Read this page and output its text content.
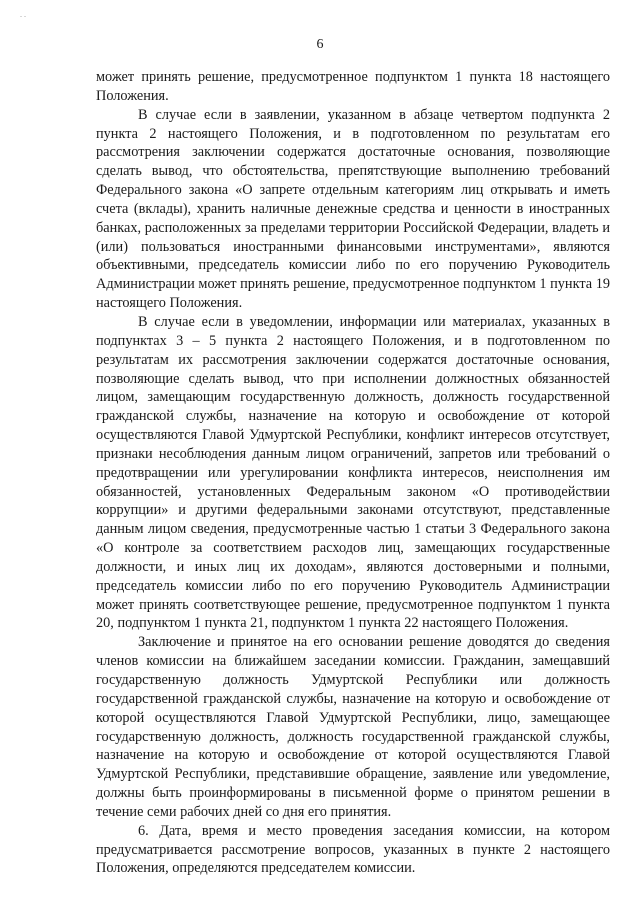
. .
6

может принять решение, предусмотренное подпунктом 1 пункта 18 настоящего Положения.

В случае если в заявлении, указанном в абзаце четвертом подпункта 2 пункта 2 настоящего Положения, и в подготовленном по результатам его рассмотрения заключении содержатся достаточные основания, позволяющие сделать вывод, что обстоятельства, препятствующие выполнению требований Федерального закона «О запрете отдельным категориям лиц открывать и иметь счета (вклады), хранить наличные денежные средства и ценности в иностранных банках, расположенных за пределами территории Российской Федерации, владеть и (или) пользоваться иностранными финансовыми инструментами», являются объективными, председатель комиссии либо по его поручению Руководитель Администрации может принять решение, предусмотренное подпунктом 1 пункта 19 настоящего Положения.

В случае если в уведомлении, информации или материалах, указанных в подпунктах 3 – 5 пункта 2 настоящего Положения, и в подготовленном по результатам их рассмотрения заключении содержатся достаточные основания, позволяющие сделать вывод, что при исполнении должностных обязанностей лицом, замещающим государственную должность, должность государственной гражданской службы, назначение на которую и освобождение от которой осуществляются Главой Удмуртской Республики, конфликт интересов отсутствует, признаки несоблюдения данным лицом ограничений, запретов или требований о предотвращении или урегулировании конфликта интересов, неисполнения им обязанностей, установленных Федеральным законом «О противодействии коррупции» и другими федеральными законами отсутствуют, представленные данным лицом сведения, предусмотренные частью 1 статьи 3 Федерального закона «О контроле за соответствием расходов лиц, замещающих государственные должности, и иных лиц их доходам», являются достоверными и полными, председатель комиссии либо по его поручению Руководитель Администрации может принять соответствующее решение, предусмотренное подпунктом 1 пункта 20, подпунктом 1 пункта 21, подпунктом 1 пункта 22 настоящего Положения.

Заключение и принятое на его основании решение доводятся до сведения членов комиссии на ближайшем заседании комиссии. Гражданин, замещавший государственную должность Удмуртской Республики или должность государственной гражданской службы, назначение на которую и освобождение от которой осуществляются Главой Удмуртской Республики, лицо, замещающее государственную должность, должность государственной гражданской службы, назначение на которую и освобождение от которой осуществляются Главой Удмуртской Республики, представившие обращение, заявление или уведомление, должны быть проинформированы в письменной форме о принятом решении в течение семи рабочих дней со дня его принятия.

6. Дата, время и место проведения заседания комиссии, на котором предусматривается рассмотрение вопросов, указанных в пункте 2 настоящего Положения, определяются председателем комиссии.
